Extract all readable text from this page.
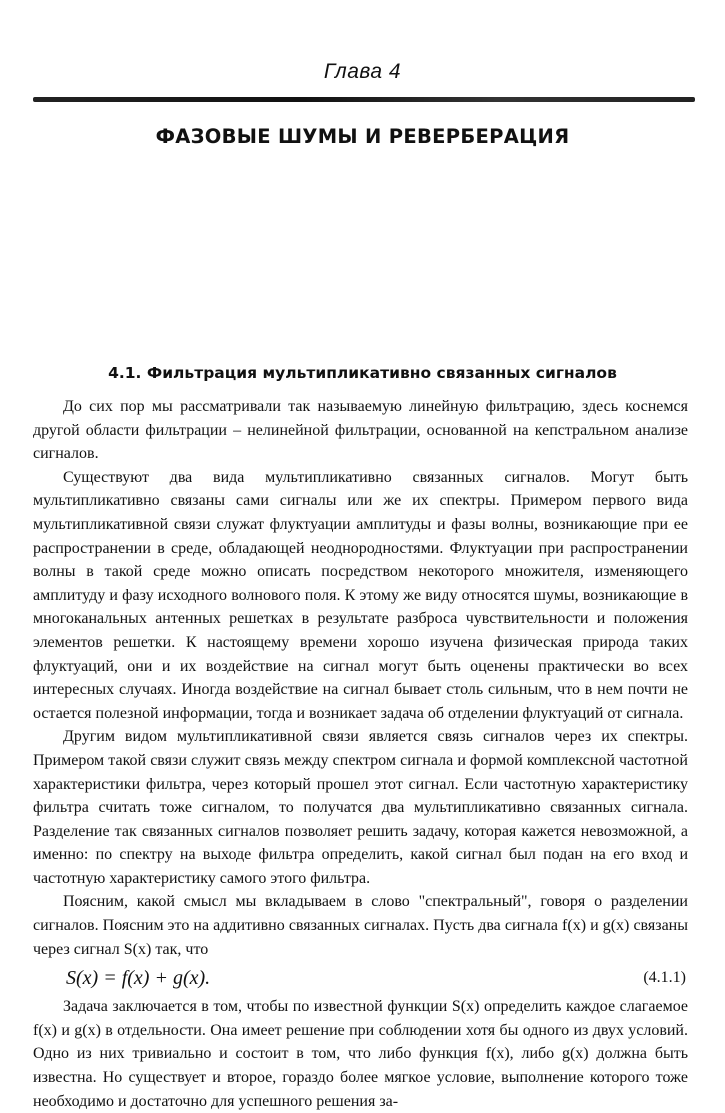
Глава 4
ФАЗОВЫЕ ШУМЫ И РЕВЕРБЕРАЦИЯ
4.1. Фильтрация мультипликативно связанных сигналов

До сих пор мы рассматривали так называемую линейную фильтрацию, здесь коснемся другой области фильтрации – нелинейной фильтрации, основанной на кепстральном анализе сигналов.

Существуют два вида мультипликативно связанных сигналов. Могут быть мультипликативно связаны сами сигналы или же их спектры. Примером первого вида мультипликативной связи служат флуктуации амплитуды и фазы волны, возникающие при ее распространении в среде, обладающей неоднородностями. Флуктуации при распространении волны в такой среде можно описать посредством некоторого множителя, изменяющего амплитуду и фазу исходного волнового поля. К этому же виду относятся шумы, возникающие в многоканальных антенных решетках в результате разброса чувствительности и положения элементов решетки. К настоящему времени хорошо изучена физическая природа таких флуктуаций, они и их воздействие на сигнал могут быть оценены практически во всех интересных случаях. Иногда воздействие на сигнал бывает столь сильным, что в нем почти не остается полезной информации, тогда и возникает задача об отделении флуктуаций от сигнала.

Другим видом мультипликативной связи является связь сигналов через их спектры. Примером такой связи служит связь между спектром сигнала и формой комплексной частотной характеристики фильтра, через который прошел этот сигнал. Если частотную характеристику фильтра считать тоже сигналом, то получатся два мультипликативно связанных сигнала. Разделение так связанных сигналов позволяет решить задачу, которая кажется невозможной, а именно: по спектру на выходе фильтра определить, какой сигнал был подан на его вход и частотную характеристику самого этого фильтра.

Поясним, какой смысл мы вкладываем в слово "спектральный", говоря о разделении сигналов. Поясним это на аддитивно связанных сигналах. Пусть два сигнала f(x) и g(x) связаны через сигнал S(x) так, что

S(x) = f(x) + g(x).	(4.1.1)

Задача заключается в том, чтобы по известной функции S(x) определить каждое слагаемое f(x) и g(x) в отдельности. Она имеет решение при соблюдении хотя бы одного из двух условий. Одно из них тривиально и состоит в том, что либо функция f(x), либо g(x) должна быть известна. Но существует и второе, гораздо более мягкое условие, выполнение которого тоже необходимо и достаточно для успешного решения за-
